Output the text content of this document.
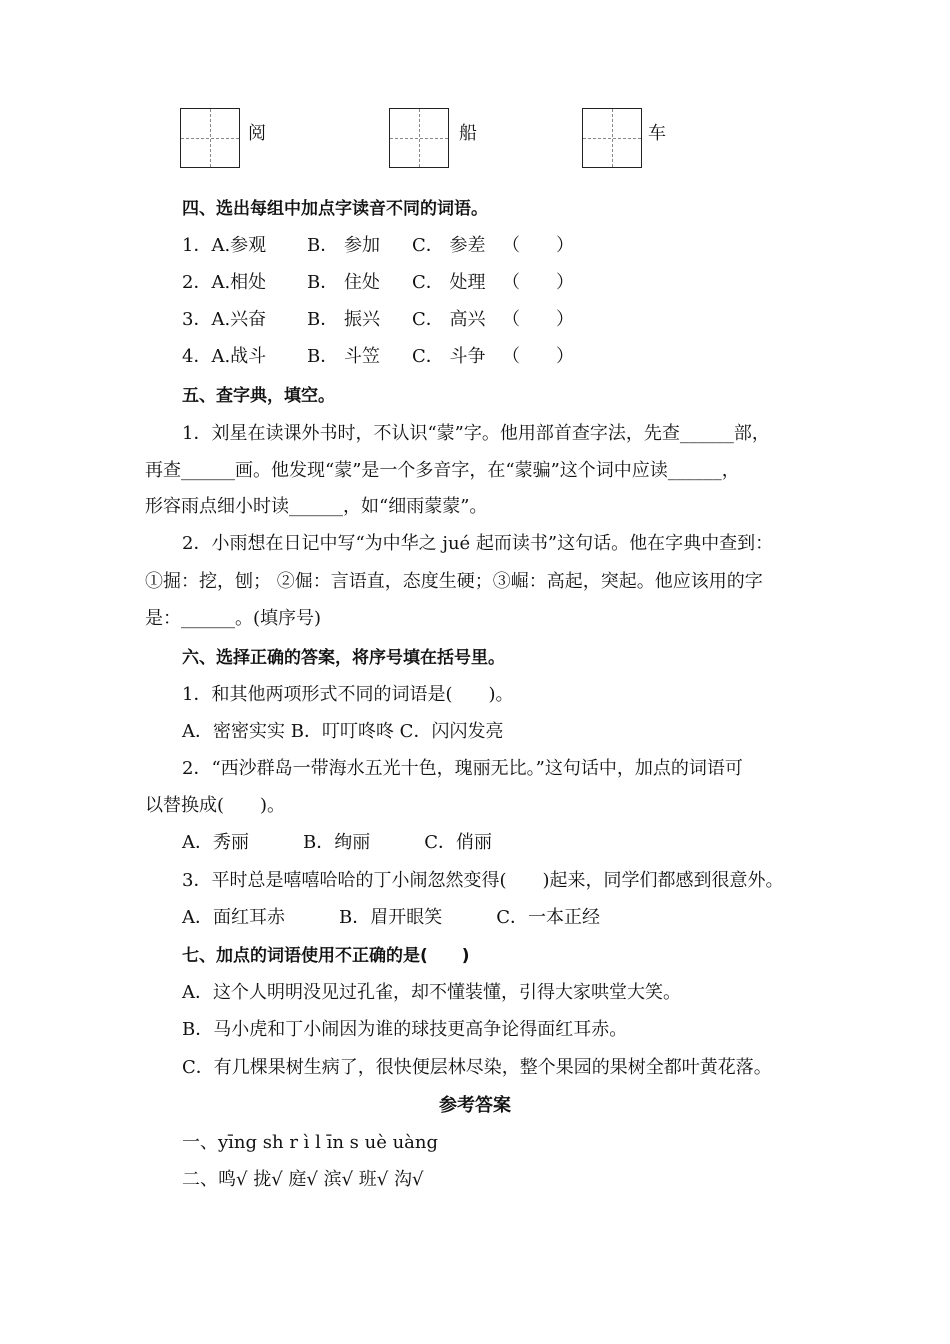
阅	船	车
四、选出每组中加点字读音不同的词语。
1．A.参观 B． 参加 C． 参差 （　　）
2．A.相处 B． 住处 C． 处理 （　　）
3．A.兴奋 B． 振兴 C． 高兴 （　　）
4．A.战斗 B． 斗笠 C． 斗争 （　　）
五、查字典，填空。
1．刘星在读课外书时，不认识“蒙”字。他用部首查字法，先查______部，
再查______画。他发现“蒙”是一个多音字，在“蒙骗”这个词中应读______，
形容雨点细小时读______，如“细雨蒙蒙”。
2．小雨想在日记中写“为中华之 jué 起而读书”这句话。他在字典中查到：
①掘：挖，刨； ②倔：言语直，态度生硬；③崛：高起，突起。他应该用的字
是：______。(填序号)
六、选择正确的答案，将序号填在括号里。
1．和其他两项形式不同的词语是(　　)。
A．密密实实 B．叮叮咚咚 C．闪闪发亮
2．“西沙群岛一带海水五光十色，瑰丽无比。”这句话中，加点的词语可
以替换成(　　)。
A．秀丽　　　B．绚丽　　　C．俏丽
3．平时总是嘻嘻哈哈的丁小闹忽然变得(　　)起来，同学们都感到很意外。
A．面红耳赤　　　B．眉开眼笑　　　C．一本正经
七、加点的词语使用不正确的是(　　)
A．这个人明明没见过孔雀，却不懂装懂，引得大家哄堂大笑。
B．马小虎和丁小闹因为谁的球技更高争论得面红耳赤。
C．有几棵果树生病了，很快便层林尽染，整个果园的果树全都叶黄花落。
参考答案
一、yīng sh r ì l īn s uè uàng
二、鸣√ 拢√ 庭√ 滨√ 班√ 沟√
